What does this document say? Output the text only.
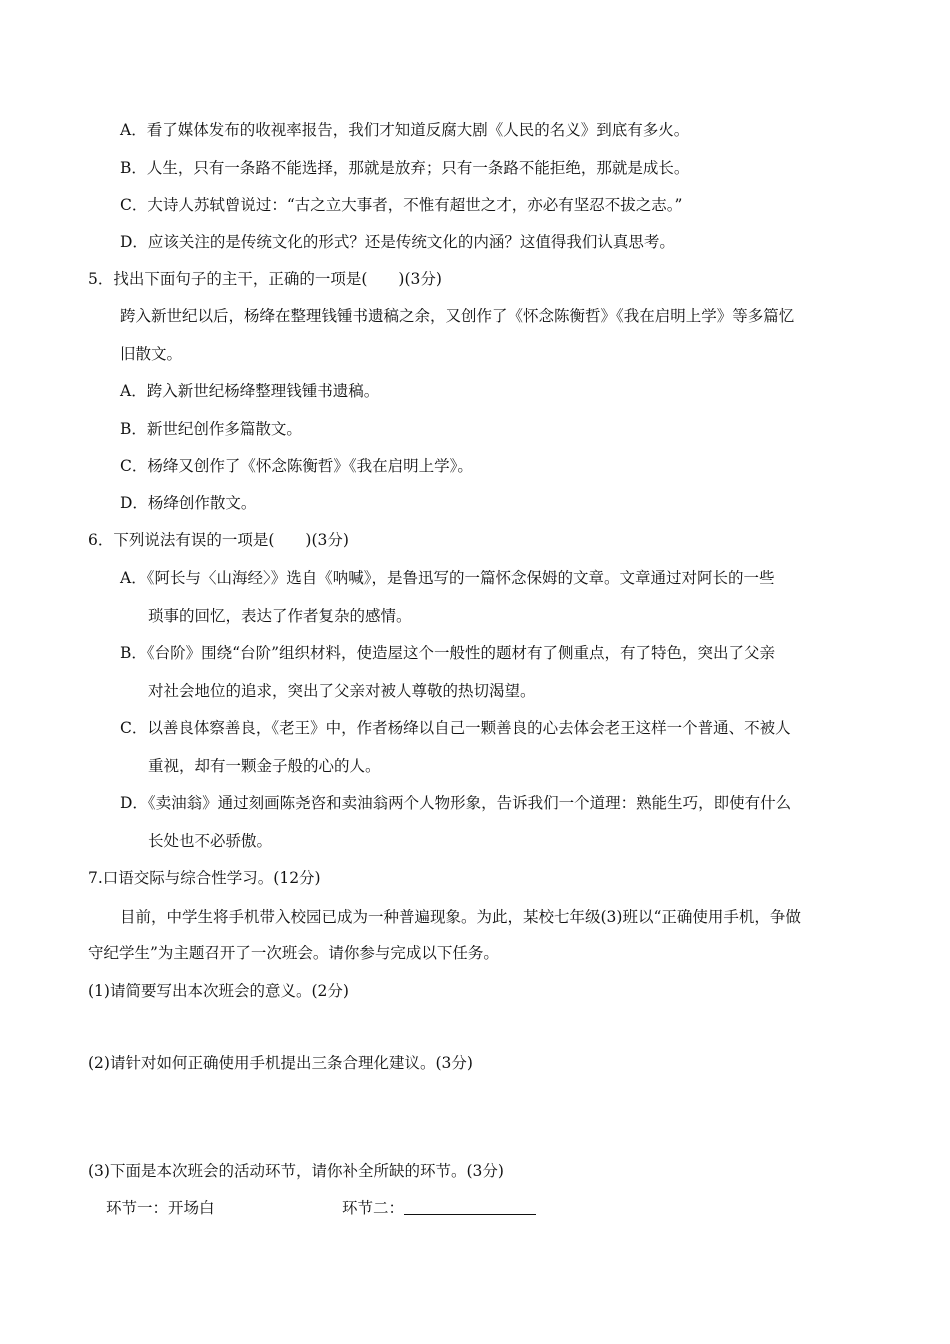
A．看了媒体发布的收视率报告，我们才知道反腐大剧《人民的名义》到底有多火。
B．人生，只有一条路不能选择，那就是放弃；只有一条路不能拒绝，那就是成长。
C．大诗人苏轼曾说过：“古之立大事者，不惟有超世之才，亦必有坚忍不拔之志。”
D．应该关注的是传统文化的形式？还是传统文化的内涵？这值得我们认真思考。
5．找出下面句子的主干，正确的一项是(　　)(3分)
跨入新世纪以后，杨绛在整理钱锺书遗稿之余，又创作了《怀念陈衡哲》《我在启明上学》等多篇忆
旧散文。
A．跨入新世纪杨绛整理钱锺书遗稿。
B．新世纪创作多篇散文。
C．杨绛又创作了《怀念陈衡哲》《我在启明上学》。
D．杨绛创作散文。
6．下列说法有误的一项是(　　)(3分)
A．《阿长与〈山海经〉》选自《呐喊》，是鲁迅写的一篇怀念保姆的文章。文章通过对阿长的一些
琐事的回忆，表达了作者复杂的感情。
B．《台阶》围绕“台阶”组织材料，使造屋这个一般性的题材有了侧重点，有了特色，突出了父亲
对社会地位的追求，突出了父亲对被人尊敬的热切渴望。
C．以善良体察善良，《老王》中，作者杨绛以自己一颗善良的心去体会老王这样一个普通、不被人
重视，却有一颗金子般的心的人。
D．《卖油翁》通过刻画陈尧咨和卖油翁两个人物形象，告诉我们一个道理：熟能生巧，即使有什么
长处也不必骄傲。
7.口语交际与综合性学习。(12分)
目前，中学生将手机带入校园已成为一种普遍现象。为此，某校七年级(3)班以“正确使用手机，争做
守纪学生”为主题召开了一次班会。请你参与完成以下任务。
(1)请简要写出本次班会的意义。(2分)
(2)请针对如何正确使用手机提出三条合理化建议。(3分)
(3)下面是本次班会的活动环节，请你补全所缺的环节。(3分)
环节一：开场白	环节二：
